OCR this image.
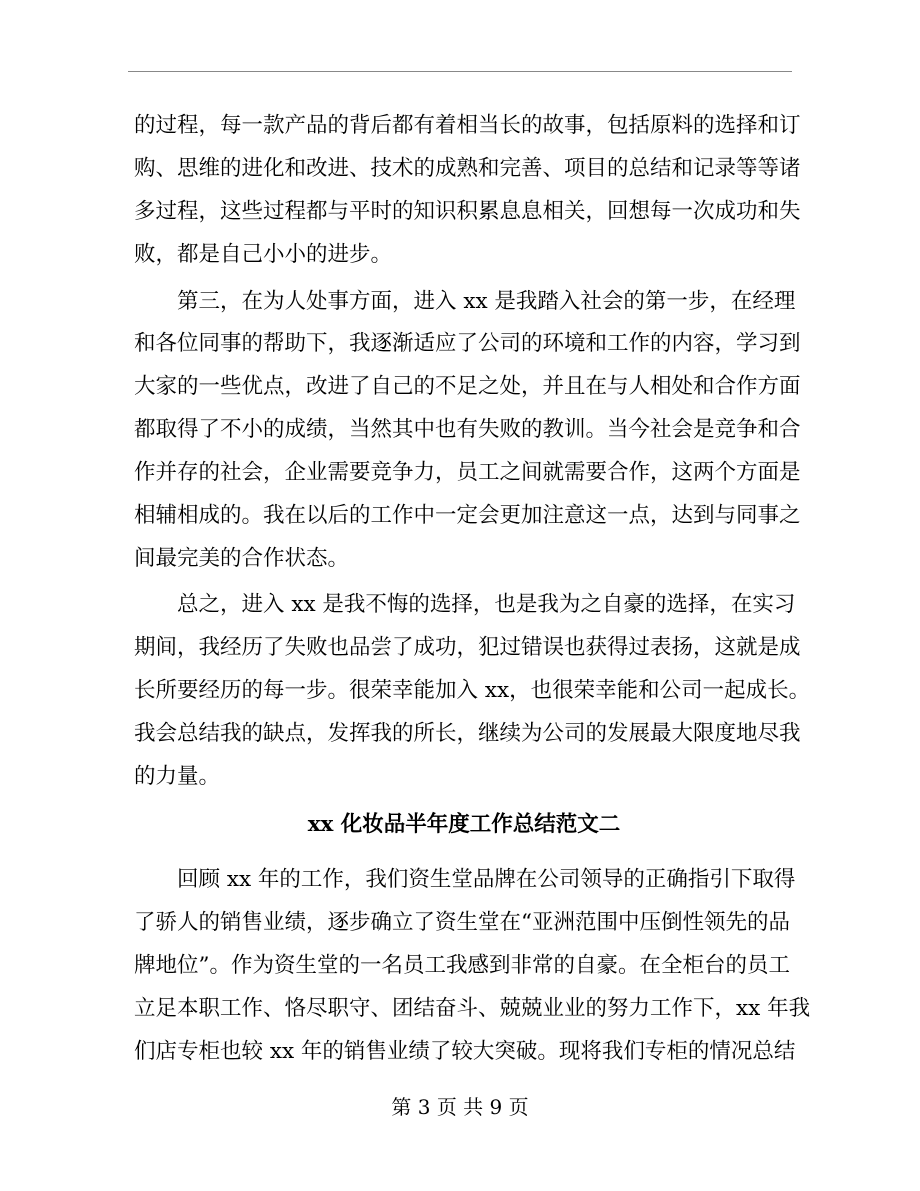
的过程，每一款产品的背后都有着相当长的故事，包括原料的选择和订
购、思维的进化和改进、技术的成熟和完善、项目的总结和记录等等诸
多过程，这些过程都与平时的知识积累息息相关，回想每一次成功和失
败，都是自己小小的进步。
　　第三，在为人处事方面，进入 xx 是我踏入社会的第一步，在经理
和各位同事的帮助下，我逐渐适应了公司的环境和工作的内容，学习到
大家的一些优点，改进了自己的不足之处，并且在与人相处和合作方面
都取得了不小的成绩，当然其中也有失败的教训。当今社会是竞争和合
作并存的社会，企业需要竞争力，员工之间就需要合作，这两个方面是
相辅相成的。我在以后的工作中一定会更加注意这一点，达到与同事之
间最完美的合作状态。
　　总之，进入 xx 是我不悔的选择，也是我为之自豪的选择，在实习
期间，我经历了失败也品尝了成功，犯过错误也获得过表扬，这就是成
长所要经历的每一步。很荣幸能加入 xx，也很荣幸能和公司一起成长。
我会总结我的缺点，发挥我的所长，继续为公司的发展最大限度地尽我
的力量。
xx 化妆品半年度工作总结范文二
　　回顾 xx 年的工作，我们资生堂品牌在公司领导的正确指引下取得
了骄人的销售业绩，逐步确立了资生堂在“亚洲范围中压倒性领先的品
牌地位”。作为资生堂的一名员工我感到非常的自豪。在全柜台的员工
立足本职工作、恪尽职守、团结奋斗、兢兢业业的努力工作下，xx 年我
们店专柜也较 xx 年的销售业绩了较大突破。现将我们专柜的情况总结
第 3 页 共 9 页
